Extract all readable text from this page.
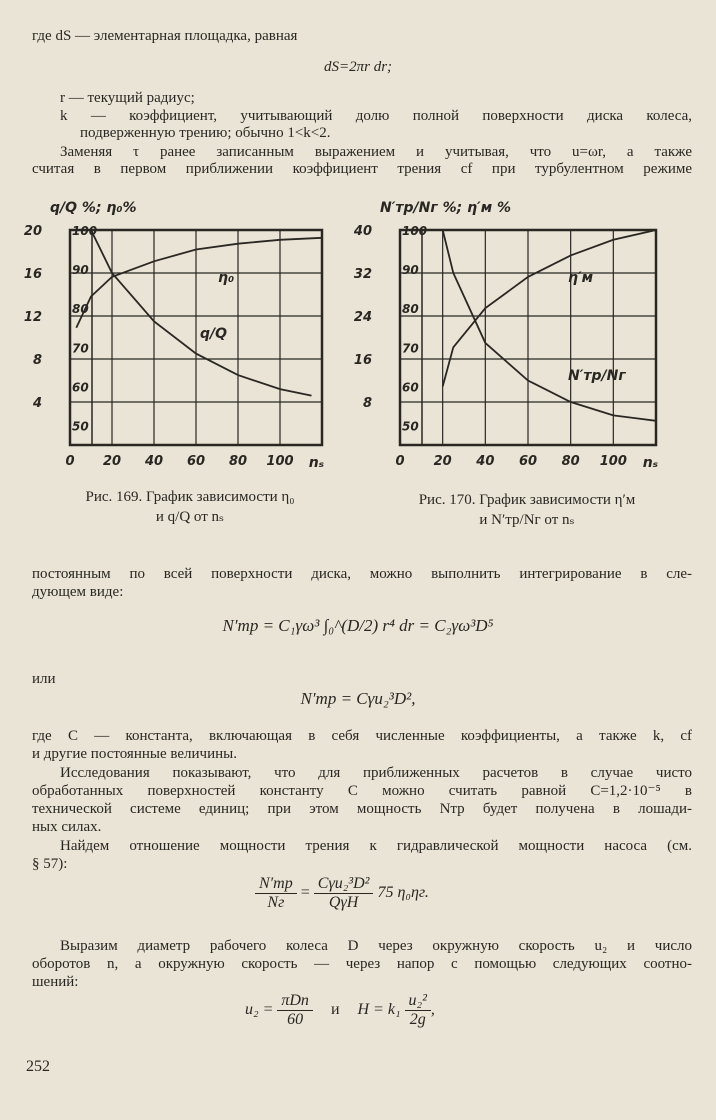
где dS — элементарная площадка, равная
dS=2πr dr;
r — текущий радиус;
k — коэффициент, учитывающий долю полной поверхности диска колеса,
подверженную трению; обычно 1<k<2.
Заменяя τ ранее записанным выражением и учитывая, что u=ωr, а также
считая в первом приближении коэффициент трения cf при турбулентном режиме
q/Q %; η₀%
0 20 40 60 80 100 nₛ
4
8
12
16
20
50
60
70
80
90
100
η₀
q/Q
N′тр/Nг %; η′м %
0 20 40 60 80 100 nₛ
8
16
24
32
40
50
60
70
80
90
100
η′м
N′тр/Nг
Рис. 169. График зависимости η₀
и q/Q от nₛ
Рис. 170. График зависимости η′м
и N′тр/Nг от nₛ
постоянным по всей поверхности диска, можно выполнить интегрирование в сле-
дующем виде:
N′тр = C₁γω³ ∫₀^(D/2) r⁴ dr = C₂γω³D⁵
или
N′тр = Cγu₂³D²,
где C — константа, включающая в себя численные коэффициенты, а также k, cf
и другие постоянные величины.
Исследования показывают, что для приближенных расчетов в случае чисто
обработанных поверхностей константу C можно считать равной C=1,2·10⁻⁵ в
технической системе единиц; при этом мощность Nтр будет получена в лошади-
ных силах.
Найдем отношение мощности трения к гидравлической мощности насоса (см.
§ 57):
$\frac{N'тр}{Nг} = \frac{\text{Cγu₂³D²}}{\text{QγH}} 75$ η₀ηг.
Выразим диаметр рабочего колеса D через окружную скорость u₂ и число
оборотов n, а окружную скорость — через напор с помощью следующих соотно-
шений:
$u_2 = \frac{\text{πDn}}{60}$ и $H = k_1 \frac{\text{u₂²}}{2g}$ ,
252
